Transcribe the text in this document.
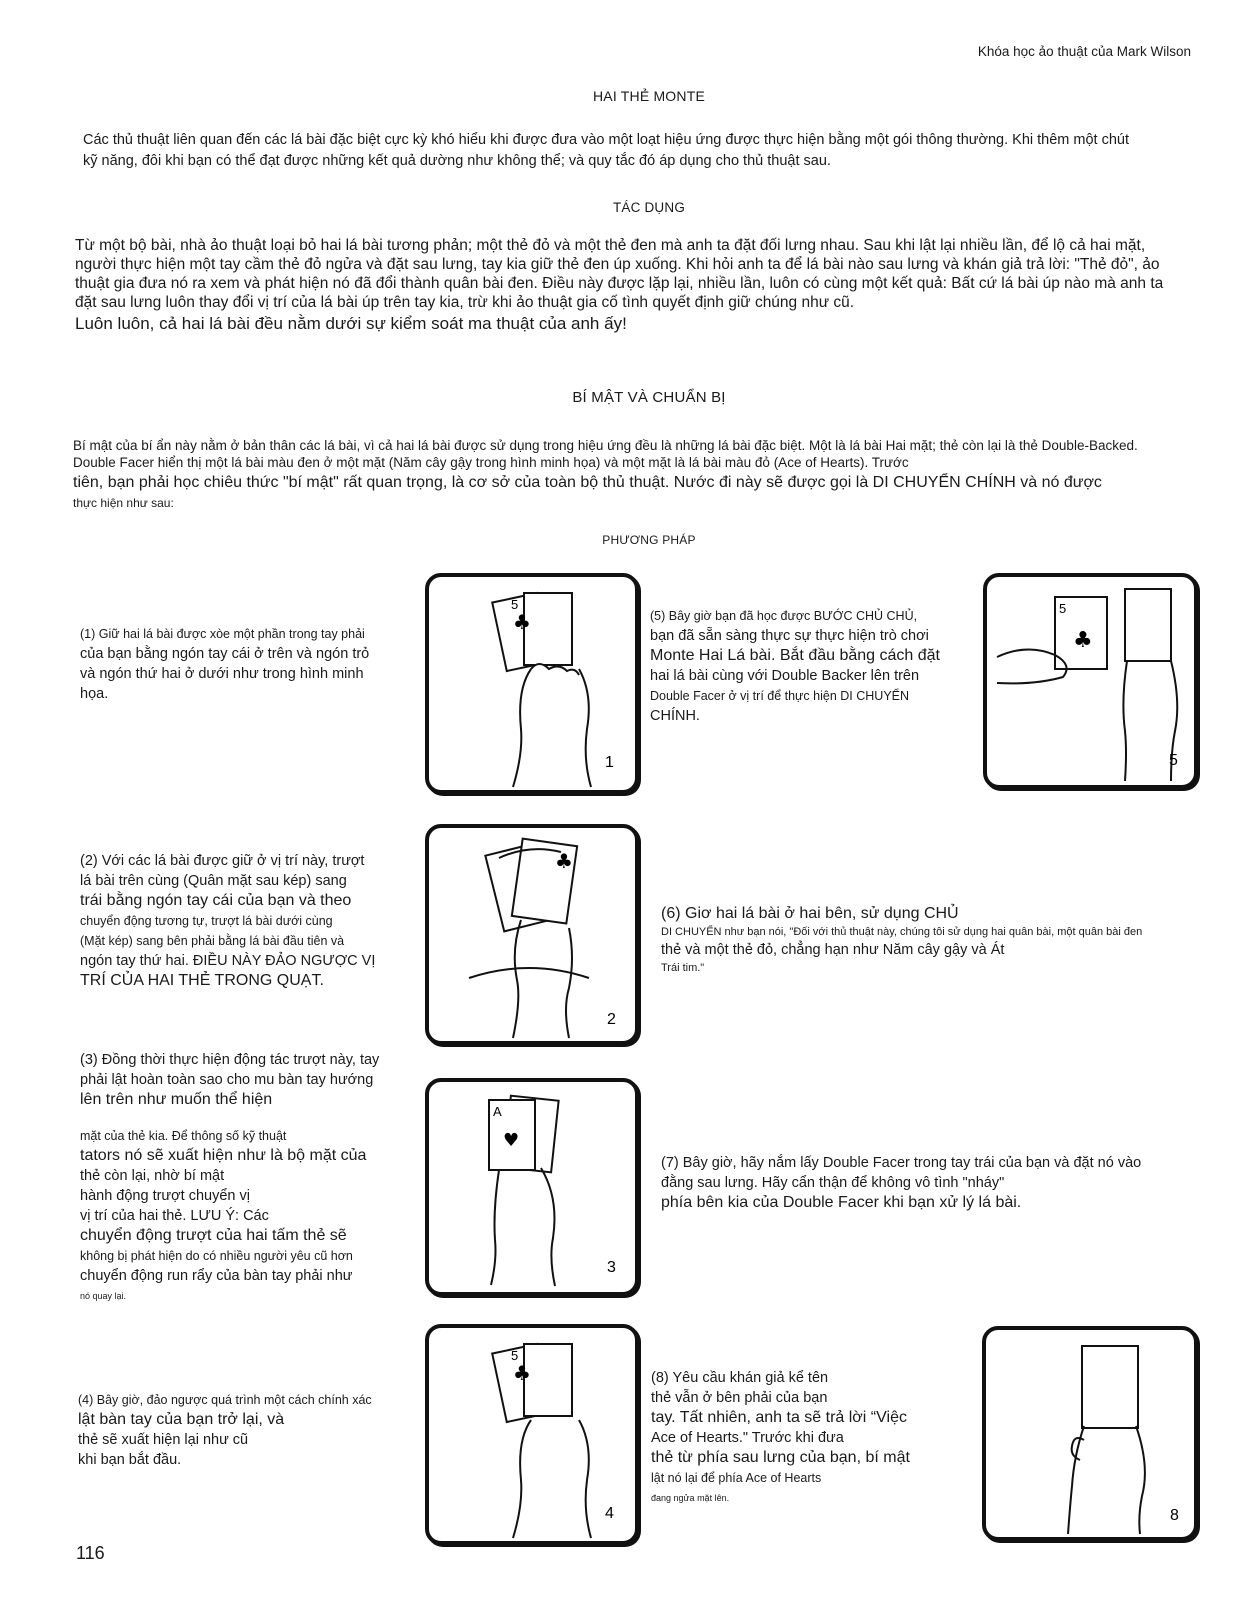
Khóa học ảo thuật của Mark Wilson
HAI THẺ MONTE
Các thủ thuật liên quan đến các lá bài đặc biệt cực kỳ khó hiểu khi được đưa vào một loạt hiệu ứng được thực hiện bằng một gói thông thường. Khi thêm một chút kỹ năng, đôi khi bạn có thể đạt được những kết quả dường như không thể; và quy tắc đó áp dụng cho thủ thuật sau.
TÁC DỤNG
Từ một bộ bài, nhà ảo thuật loại bỏ hai lá bài tương phản; một thẻ đỏ và một thẻ đen mà anh ta đặt đối lưng nhau. Sau khi lật lại nhiều lần, để lộ cả hai mặt, người thực hiện một tay cầm thẻ đỏ ngửa và đặt sau lưng, tay kia giữ thẻ đen úp xuống. Khi hỏi anh ta để lá bài nào sau lưng và khán giả trả lời: "Thẻ đỏ", ảo thuật gia đưa nó ra xem và phát hiện nó đã đổi thành quân bài đen. Điều này được lặp lại, nhiều lần, luôn có cùng một kết quả: Bất cứ lá bài úp nào mà anh ta đặt sau lưng luôn thay đổi vị trí của lá bài úp trên tay kia, trừ khi ảo thuật gia cố tình quyết định giữ chúng như cũ.
Luôn luôn, cả hai lá bài đều nằm dưới sự kiểm soát ma thuật của anh ấy!
BÍ MẬT VÀ CHUẨN BỊ
Bí mật của bí ẩn này nằm ở bản thân các lá bài, vì cả hai lá bài được sử dụng trong hiệu ứng đều là những lá bài đặc biệt. Một là lá bài Hai mặt; thẻ còn lại là thẻ Double-Backed. Double Facer hiển thị một lá bài màu đen ở một mặt (Năm cây gậy trong hình minh họa) và một mặt là lá bài màu đỏ (Ace of Hearts). Trước
tiên, bạn phải học chiêu thức "bí mật" rất quan trọng, là cơ sở của toàn bộ thủ thuật. Nước đi này sẽ được gọi là DI CHUYỂN CHÍNH và nó được
thực hiện như sau:
PHƯƠNG PHÁP
(1) Giữ hai lá bài được xòe một phần trong tay phải
của bạn bằng ngón tay cái ở trên và ngón trỏ
và ngón thứ hai ở dưới như trong hình minh
họa.
(2) Với các lá bài được giữ ở vị trí này, trượt
lá bài trên cùng (Quân mặt sau kép) sang
trái bằng ngón tay cái của bạn và theo
chuyển động tương tự, trượt lá bài dưới cùng
(Mặt kép) sang bên phải bằng lá bài đầu tiên và
ngón tay thứ hai. ĐIỀU NÀY ĐẢO NGƯỢC VỊ
TRÍ CỦA HAI THẺ TRONG QUẠT.
(3) Đồng thời thực hiện động tác trượt này, tay
phải lật hoàn toàn sao cho mu bàn tay hướng
lên trên như muốn thể hiện
mặt của thẻ kia. Để thông số kỹ thuật
tators nó sẽ xuất hiện như là bộ mặt của
thẻ còn lại, nhờ bí mật
hành động trượt chuyển vị
vị trí của hai thẻ. LƯU Ý: Các
chuyển động trượt của hai tấm thẻ sẽ
không bị phát hiện do có nhiều người yêu cũ hơn
chuyển động run rẩy của bàn tay phải như
nó quay lại.
(4) Bây giờ, đảo ngược quá trình một cách chính xác
lật bàn tay của bạn trở lại, và
thẻ sẽ xuất hiện lại như cũ
khi bạn bắt đầu.
(5) Bây giờ bạn đã học được BƯỚC CHỦ CHỦ,
bạn đã sẵn sàng thực sự thực hiện trò chơi
Monte Hai Lá bài. Bắt đầu bằng cách đặt
hai lá bài cùng với Double Backer lên trên
Double Facer ở vị trí để thực hiện DI CHUYỂN
CHÍNH.
(6) Giơ hai lá bài ở hai bên, sử dụng CHỦ
DI CHUYỂN như bạn nói, "Đối với thủ thuật này, chúng tôi sử dụng hai quân bài, một quân bài đen
thẻ và một thẻ đỏ, chẳng hạn như Năm cây gậy và Át
Trái tim."
(7) Bây giờ, hãy nắm lấy Double Facer trong tay trái của bạn và đặt nó vào
đằng sau lưng. Hãy cẩn thận để không vô tình "nháy"
phía bên kia của Double Facer khi bạn xử lý lá bài.
(8) Yêu cầu khán giả kể tên
thẻ vẫn ở bên phải của bạn
tay. Tất nhiên, anh ta sẽ trả lời “Việc
Ace of Hearts." Trước khi đưa
thẻ từ phía sau lưng của bạn, bí mật
lật nó lại để phía Ace of Hearts
đang ngửa mặt lên.
5
♣
1
♣
2
A
♥
3
5
♣
4
5
♣
5
8
116
